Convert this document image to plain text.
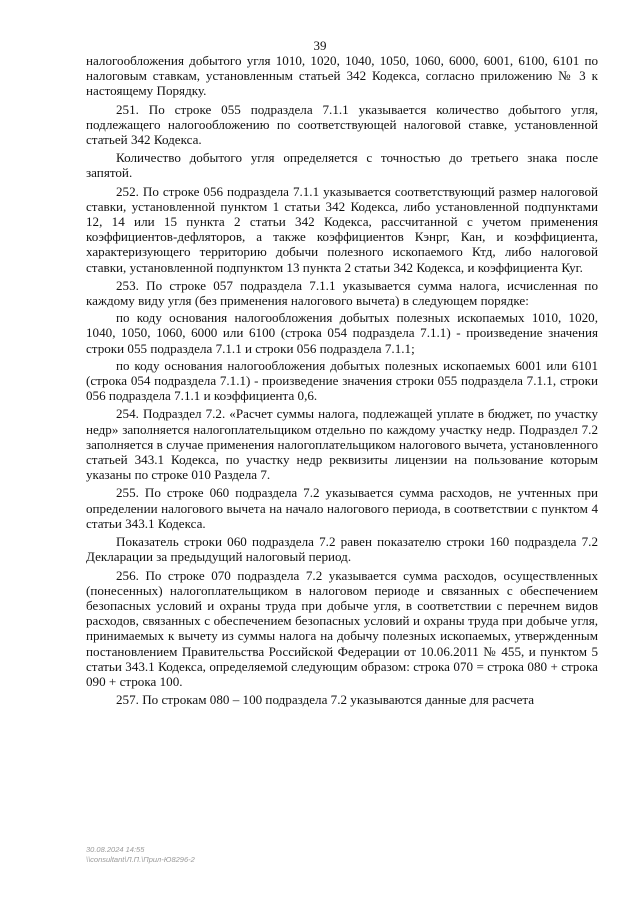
39

налогообложения добытого угля 1010, 1020, 1040, 1050, 1060, 6000, 6001, 6100, 6101 по налоговым ставкам, установленным статьей 342 Кодекса, согласно приложению № 3 к настоящему Порядку.

251. По строке 055 подраздела 7.1.1 указывается количество добытого угля, подлежащего налогообложению по соответствующей налоговой ставке, установленной статьей 342 Кодекса.

Количество добытого угля определяется с точностью до третьего знака после запятой.

252. По строке 056 подраздела 7.1.1 указывается соответствующий размер налоговой ставки, установленной пунктом 1 статьи 342 Кодекса, либо установленной подпунктами 12, 14 или 15 пункта 2 статьи 342 Кодекса, рассчитанной с учетом применения коэффициентов-дефляторов, а также коэффициентов Кэнрг, Кан, и коэффициента, характеризующего территорию добычи полезного ископаемого Ктд, либо налоговой ставки, установленной подпунктом 13 пункта 2 статьи 342 Кодекса, и коэффициента Куг.

253. По строке 057 подраздела 7.1.1 указывается сумма налога, исчисленная по каждому виду угля (без применения налогового вычета) в следующем порядке:

по коду основания налогообложения добытых полезных ископаемых 1010, 1020, 1040, 1050, 1060, 6000 или 6100 (строка 054 подраздела 7.1.1) - произведение значения строки 055 подраздела 7.1.1 и строки 056 подраздела 7.1.1;

по коду основания налогообложения добытых полезных ископаемых 6001 или 6101 (строка 054 подраздела 7.1.1) - произведение значения строки 055 подраздела 7.1.1, строки 056 подраздела 7.1.1 и коэффициента 0,6.

254. Подраздел 7.2. «Расчет суммы налога, подлежащей уплате в бюджет, по участку недр» заполняется налогоплательщиком отдельно по каждому участку недр. Подраздел 7.2 заполняется в случае применения налогоплательщиком налогового вычета, установленного статьей 343.1 Кодекса, по участку недр реквизиты лицензии на пользование которым указаны по строке 010 Раздела 7.

255. По строке 060 подраздела 7.2 указывается сумма расходов, не учтенных при определении налогового вычета на начало налогового периода, в соответствии с пунктом 4 статьи 343.1 Кодекса.

Показатель строки 060 подраздела 7.2 равен показателю строки 160 подраздела 7.2 Декларации за предыдущий налоговый период.

256. По строке 070 подраздела 7.2 указывается сумма расходов, осуществленных (понесенных) налогоплательщиком в налоговом периоде и связанных с обеспечением безопасных условий и охраны труда при добыче угля, в соответствии с перечнем видов расходов, связанных с обеспечением безопасных условий и охраны труда при добыче угля, принимаемых к вычету из суммы налога на добычу полезных ископаемых, утвержденным постановлением Правительства Российской Федерации от 10.06.2011 № 455, и пунктом 5 статьи 343.1 Кодекса, определяемой следующим образом: строка 070 = строка 080 + строка 090 + строка 100.

257. По строкам 080 – 100 подраздела 7.2 указываются данные для расчета

30.08.2024 14:55
\\consultant\Л.П.\Прил-Ю8296-2
